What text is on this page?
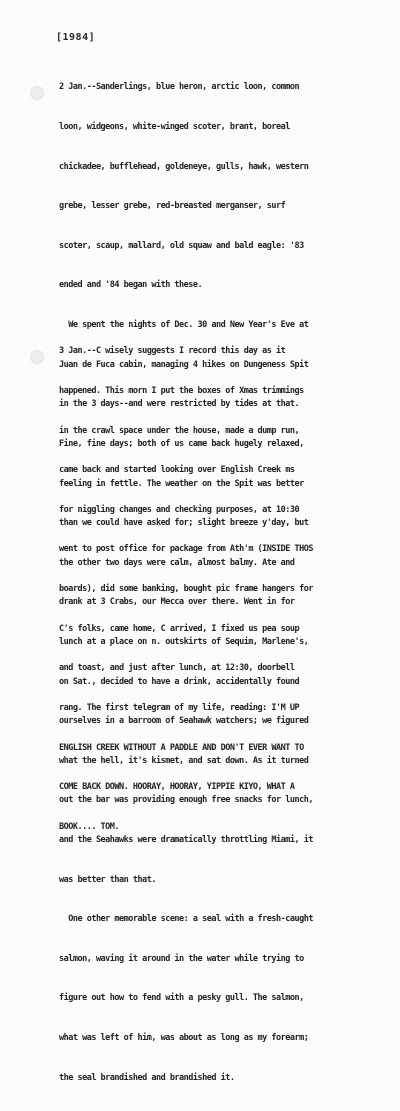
[1984]

2 Jan.--Sanderlings, blue heron, arctic loon, common

loon, widgeons, white-winged scoter, brant, boreal

chickadee, bufflehead, goldeneye, gulls, hawk, western

grebe, lesser grebe, red-breasted merganser, surf

scoter, scaup, mallard, old squaw and bald eagle: '83

ended and '84 began with these.

We spent the nights of Dec. 30 and New Year's Eve at

Juan de Fuca cabin, managing 4 hikes on Dungeness Spit

in the 3 days--and were restricted by tides at that.

Fine, fine days; both of us came back hugely relaxed,

feeling in fettle. The weather on the Spit was better

than we could have asked for; slight breeze y'day, but

the other two days were calm, almost balmy. Ate and

drank at 3 Crabs, our Mecca over there. Went in for

lunch at a place on n. outskirts of Sequim, Marlene's,

on Sat., decided to have a drink, accidentally found

ourselves in a barroom of Seahawk watchers; we figured

what the hell, it's kismet, and sat down. As it turned

out the bar was providing enough free snacks for lunch,

and the Seahawks were dramatically throttling Miami, it

was better than that.

One other memorable scene: a seal with a fresh-caught

salmon, waving it around in the water while trying to

figure out how to fend with a pesky gull. The salmon,

what was left of him, was about as long as my forearm;

the seal brandished and brandished it.

3 Jan.--C wisely suggests I record this day as it

happened. This morn I put the boxes of Xmas trimmings

in the crawl space under the house, made a dump run,

came back and started looking over English Creek ms

for niggling changes and checking purposes, at 10:30

went to post office for package from Ath'm (INSIDE THOS

boards), did some banking, bought pic frame hangers for

C's folks, came home, C arrived, I fixed us pea soup

and toast, and just after lunch, at 12:30, doorbell

rang. The first telegram of my life, reading: I'M UP

ENGLISH CREEK WITHOUT A PADDLE AND DON'T EVER WANT TO

COME BACK DOWN. HOORAY, HOORAY, YIPPIE KIYO, WHAT A

BOOK.... TOM.
